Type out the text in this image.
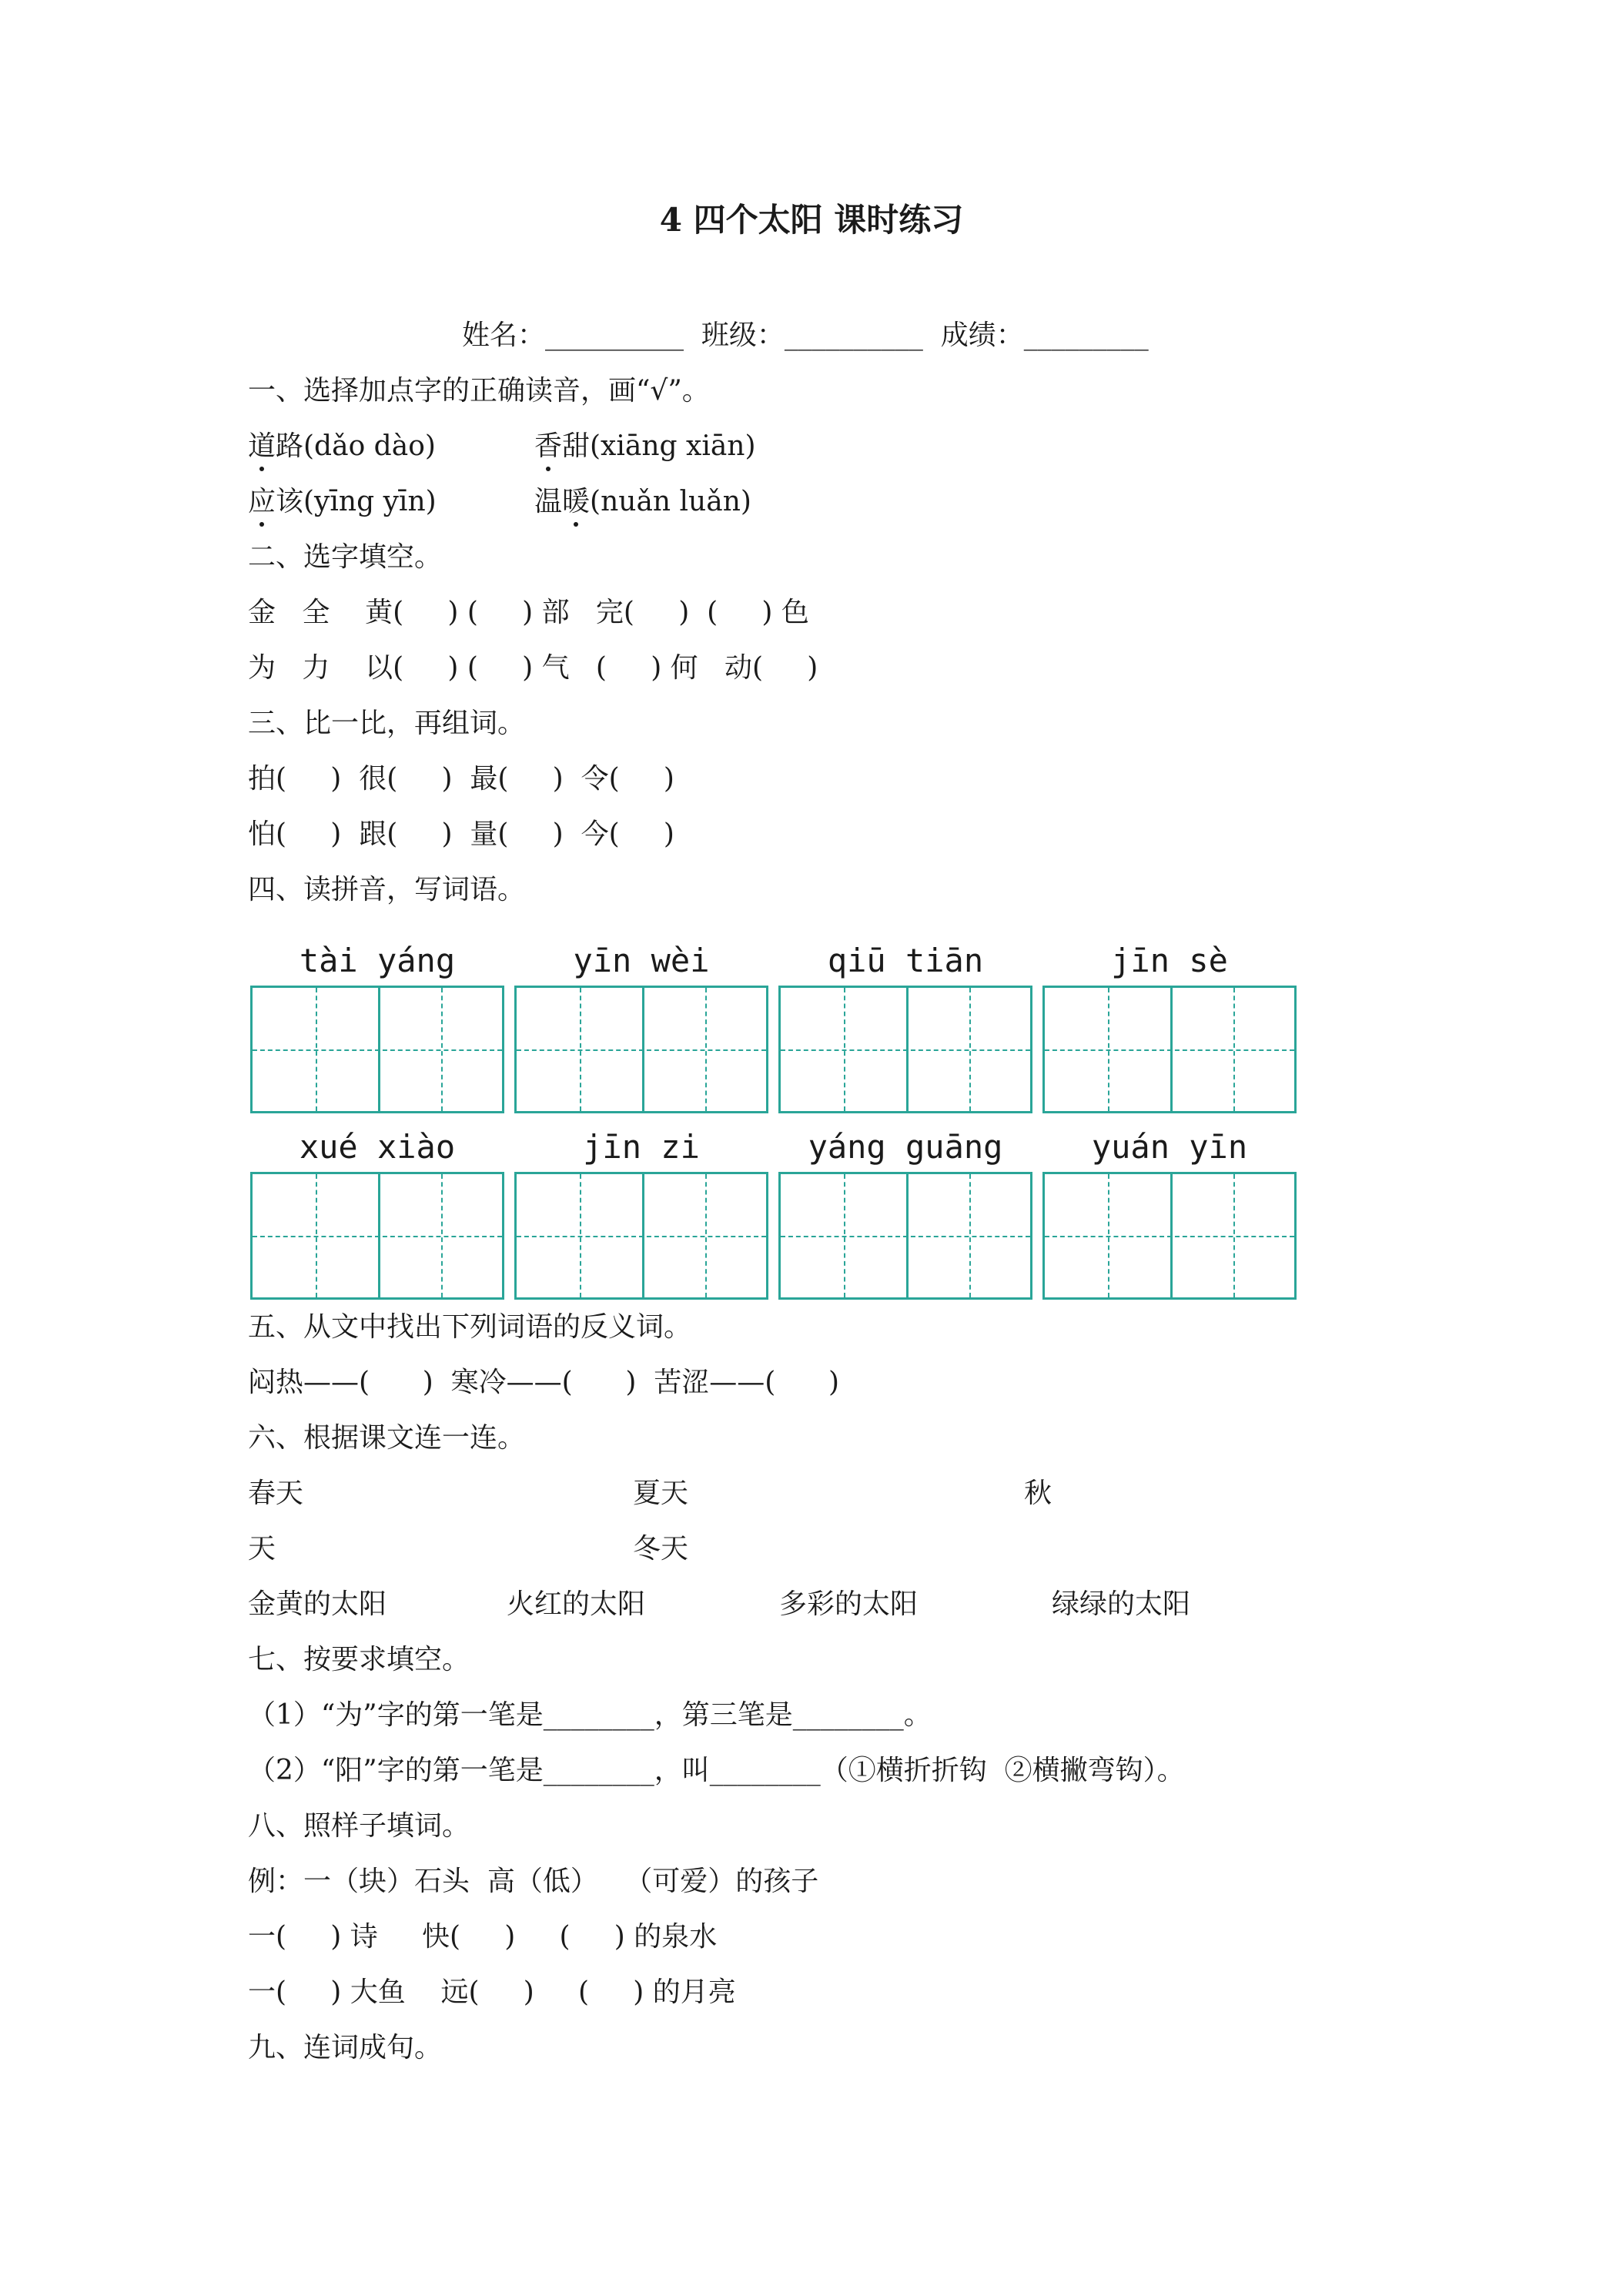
4 四个太阳 课时练习
姓名：__________  班级：__________  成绩：_________
一、选择加点字的正确读音，画“√”。
道路(dǎo dào)	香甜(xiāng xiān)
应该(yīng yīn)	温暖(nuǎn luǎn)
二、选字填空。
金   全    黄(     ) (     ) 部   完(     )  (     ) 色
为   力    以(     ) (     ) 气   (     ) 何   动(     )
三、比一比，再组词。
拍(     )  很(     )  最(     )  令(     )
怕(     )  跟(     )  量(     )  今(     )
四、读拼音，写词语。
tài yáng	yīn wèi	qiū tiān	jīn sè
xué xiào	jīn zi	yáng guāng	yuán yīn
五、从文中找出下列词语的反义词。
闷热——(      )  寒冷——(      )  苦涩——(      )
六、根据课文连一连。
春天	夏天	秋
天	冬天
金黄的太阳	火红的太阳	多彩的太阳	绿绿的太阳
七、按要求填空。
（1）“为”字的第一笔是________，第三笔是________。
（2）“阳”字的第一笔是________，叫________（①横折折钩  ②横撇弯钩）。
八、照样子填词。
例：一（块）石头  高（低）   （可爱）的孩子
一(     ) 诗     快(     )     (     ) 的泉水
一(     ) 大鱼    远(     )     (     ) 的月亮
九、连词成句。
